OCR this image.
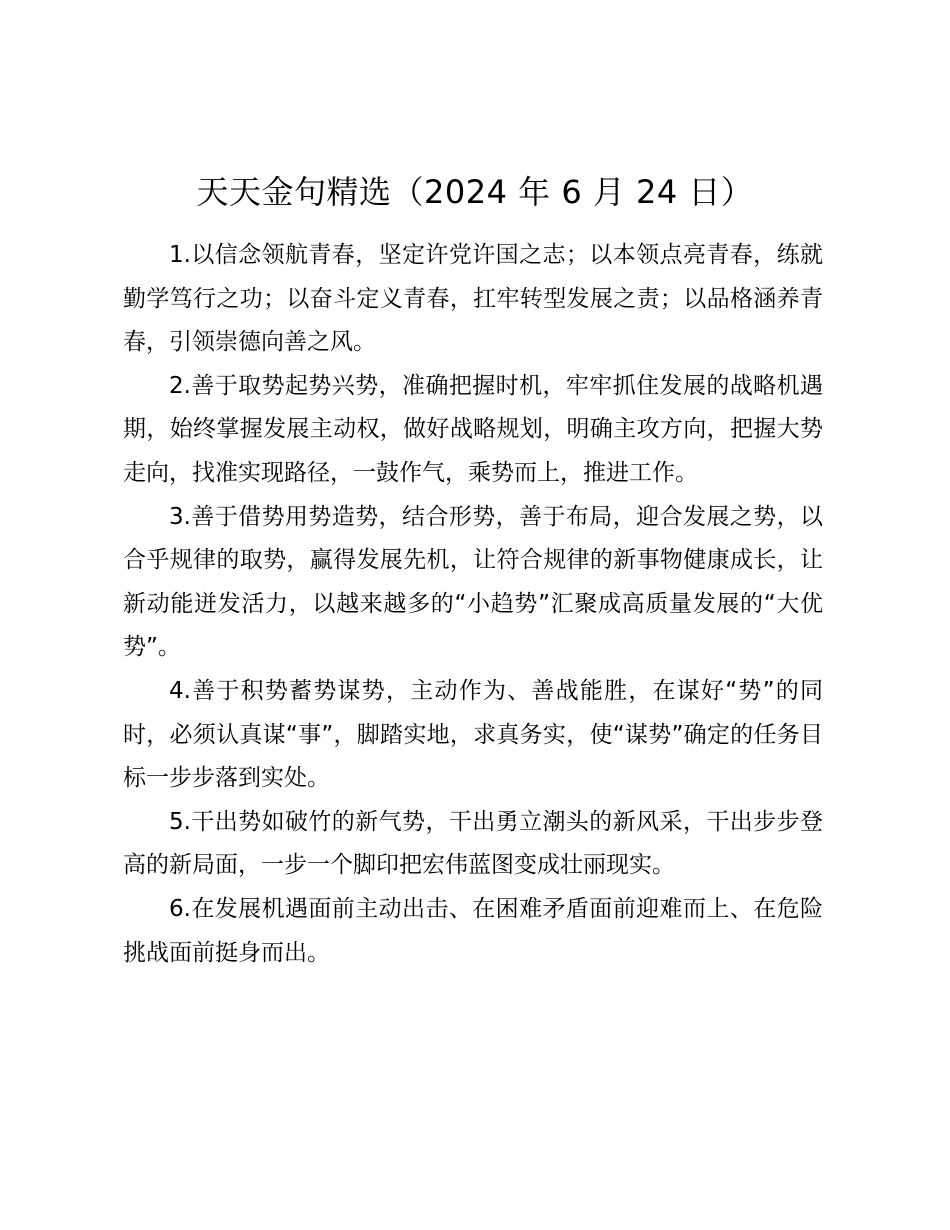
天天金句精选（2024 年 6 月 24 日）

1.以信念领航青春，坚定许党许国之志；以本领点亮青春，练就勤学笃行之功；以奋斗定义青春，扛牢转型发展之责；以品格涵养青春，引领崇德向善之风。

2.善于取势起势兴势，准确把握时机，牢牢抓住发展的战略机遇期，始终掌握发展主动权，做好战略规划，明确主攻方向，把握大势走向，找准实现路径，一鼓作气，乘势而上，推进工作。

3.善于借势用势造势，结合形势，善于布局，迎合发展之势，以合乎规律的取势，赢得发展先机，让符合规律的新事物健康成长，让新动能迸发活力，以越来越多的“小趋势”汇聚成高质量发展的“大优势”。

4.善于积势蓄势谋势，主动作为、善战能胜，在谋好“势”的同时，必须认真谋“事”，脚踏实地，求真务实，使“谋势”确定的任务目标一步步落到实处。

5.干出势如破竹的新气势，干出勇立潮头的新风采，干出步步登高的新局面，一步一个脚印把宏伟蓝图变成壮丽现实。

6.在发展机遇面前主动出击、在困难矛盾面前迎难而上、在危险挑战面前挺身而出。
